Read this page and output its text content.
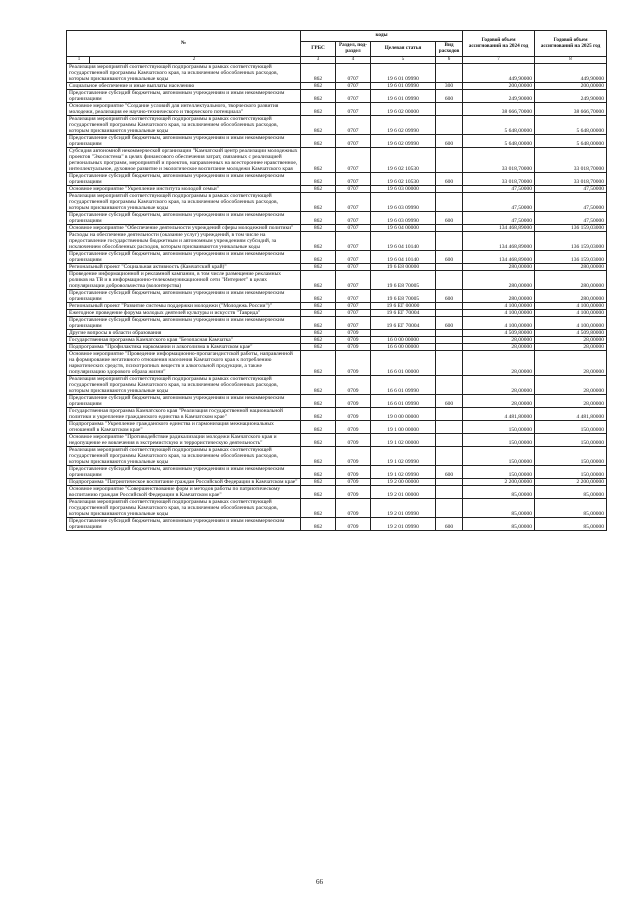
№	коды				Годовой объем ассигнований на 2024 год	Годовой объем ассигнований на 2025 год
	ГРБС	Раздел, под-раздел	Целевая статья	Вид расходов		

1 2	3	4	5	6	7	8
Реализация мероприятий соответствующей подпрограммы в рамках соответствующей государственной программы Камчатского края, за исключением обособленных расходов, которым присваиваются уникальные коды	862	0707	19 6 01 09990		449,90000	449,90000
Социальное обеспечение и иные выплаты населению	862	0707	19 6 01 09990	300	200,00000	200,00000
Предоставление субсидий бюджетным, автономным учреждениям и иным некоммерческим организациям	862	0707	19 6 01 09990	600	249,90000	249,90000
Основное мероприятие "Создание условий для интеллектуального, творческого развития молодежи, реализация ее научно-технического и творческого потенциала"	862	0707	19 6 02 00000		38 666,70000	38 666,70000
Реализация мероприятий соответствующей подпрограммы в рамках соответствующей государственной программы Камчатского края, за исключением обособленных расходов, которым присваиваются уникальные коды	862	0707	19 6 02 09990		5 648,00000	5 648,00000
Предоставление субсидий бюджетным, автономным учреждениям и иным некоммерческим организациям	862	0707	19 6 02 09990	600	5 648,00000	5 648,00000
Субсидия автономной некоммерческой организации "Камчатский центр реализации молодежных проектов "Экосистема" в целях финансового обеспечения затрат, связанных с реализацией региональных программ, мероприятий и проектов, направленных на всестороннее нравственное, интеллектуальное, духовное развитие и экологическое воспитание молодежи Камчатского края	862	0707	19 6 02 10530		33 018,70000	33 018,70000
Предоставление субсидий бюджетным, автономным учреждениям и иным некоммерческим организациям	862	0707	19 6 02 10530	600	33 018,70000	33 018,70000
Основное мероприятие "Укрепление института молодой семьи"	862	0707	19 6 03 00000		47,50000	47,50000
Реализация мероприятий соответствующей подпрограммы в рамках соответствующей государственной программы Камчатского края, за исключением обособленных расходов, которым присваиваются уникальные коды	862	0707	19 6 03 09990		47,50000	47,50000
Предоставление субсидий бюджетным, автономным учреждениям и иным некоммерческим организациям	862	0707	19 6 03 09990	600	47,50000	47,50000
Основное мероприятие "Обеспечение деятельности учреждений сферы молодежной политики"	862	0707	19 6 04 00000		134 468,89000	136 159,03000
Расходы на обеспечение деятельности (оказание услуг) учреждений, в том числе на предоставление государственным бюджетным и автономным учреждениям субсидий, за исключением обособленных расходов, которым присваиваются уникальные коды	862	0707	19 6 04 10140		134 468,89000	136 159,03000
Предоставление субсидий бюджетным, автономным учреждениям и иным некоммерческим организациям	862	0707	19 6 04 10140	600	134 468,89000	136 159,03000
Региональный проект "Социальная активность (Камчатский край)"	862	0707	19 6 E8 00000		280,00000	280,00000
Проведение информационной и рекламной кампании, в том числе размещение рекламных роликов на ТВ и в информационно-телекоммуникационной сети "Интернет" в целях популяризации добровольчества (волонтерства)	862	0707	19 6 E8 70005		280,00000	280,00000
Предоставление субсидий бюджетным, автономным учреждениям и иным некоммерческим организациям	862	0707	19 6 E8 70005	600	280,00000	280,00000
Региональный проект "Развитие системы поддержки молодежи ("Молодежь России")"	862	0707	19 6 ЕГ 00000		4 100,00000	4 100,00000
Ежегодное проведение форума молодых деятелей культуры и искусств "Таврида"	862	0707	19 6 ЕГ 70004		4 100,00000	4 100,00000
Предоставление субсидий бюджетным, автономным учреждениям и иным некоммерческим организациям	862	0707	19 6 ЕГ 70004	600	4 100,00000	4 100,00000
Другие вопросы в области образования	862	0709			4 509,80000	4 509,80000
Государственная программа Камчатского края "Безопасная Камчатка"	862	0709	16 0 00 00000		28,00000	28,00000
Подпрограмма "Профилактика наркомании и алкоголизма в Камчатском крае"	862	0709	16 6 00 00000		28,00000	28,00000
Основное мероприятие "Проведение информационно-пропагандистской работы, направленной на формирование негативного отношения населения Камчатского края к потреблению наркотических средств, психотропных веществ и алкогольной продукции, а также популяризацию здорового образа жизни"	862	0709	16 6 01 00000		28,00000	28,00000
Реализация мероприятий соответствующей подпрограммы в рамках соответствующей государственной программы Камчатского края, за исключением обособленных расходов, которым присваиваются уникальные коды	862	0709	16 6 01 09990		28,00000	28,00000
Предоставление субсидий бюджетным, автономным учреждениям и иным некоммерческим организациям	862	0709	16 6 01 09990	600	28,00000	28,00000
Государственная программа Камчатского края "Реализация государственной национальной политики и укрепление гражданского единства в Камчатском крае"	862	0709	19 0 00 00000		4 481,80000	4 481,80000
Подпрограмма "Укрепление гражданского единства и гармонизация межнациональных отношений в Камчатском крае"	862	0709	19 1 00 00000		150,00000	150,00000
Основное мероприятие "Противодействие радикализации молодежи Камчатского края и недопущение ее вовлечения в экстремистскую и террористическую деятельность"	862	0709	19 1 02 00000		150,00000	150,00000
Реализация мероприятий соответствующей подпрограммы в рамках соответствующей государственной программы Камчатского края, за исключением обособленных расходов, которым присваиваются уникальные коды	862	0709	19 1 02 09990		150,00000	150,00000
Предоставление субсидий бюджетным, автономным учреждениям и иным некоммерческим организациям	862	0709	19 1 02 09990	600	150,00000	150,00000
Подпрограмма "Патриотическое воспитание граждан Российской Федерации в Камчатском крае"	862	0709	19 2 00 00000		2 200,00000	2 200,00000
Основное мероприятие "Совершенствование форм и методов работы по патриотическому воспитанию граждан Российской Федерации в Камчатском крае"	862	0709	19 2 01 00000		85,00000	85,00000
Реализация мероприятий соответствующей подпрограммы в рамках соответствующей государственной программы Камчатского края, за исключением обособленных расходов, которым присваиваются уникальные коды	862	0709	19 2 01 09990		85,00000	85,00000
Предоставление субсидий бюджетным, автономным учреждениям и иным некоммерческим организациям	862	0709	19 2 01 09990	600	85,00000	85,00000
66
